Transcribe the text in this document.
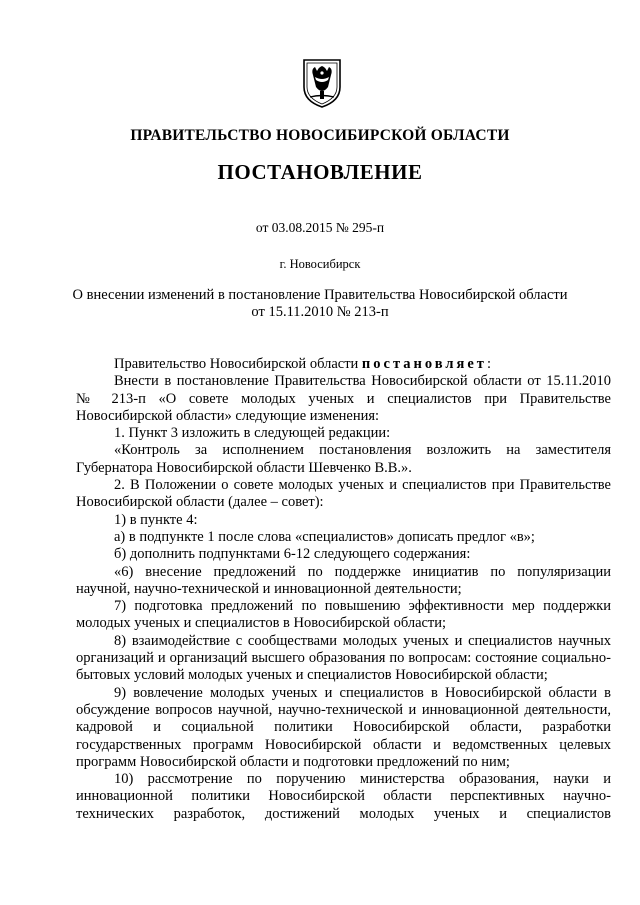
ПРАВИТЕЛЬСТВО НОВОСИБИРСКОЙ ОБЛАСТИ
ПОСТАНОВЛЕНИЕ
от 03.08.2015 № 295-п
г. Новосибирск
О внесении изменений в постановление Правительства Новосибирской области
от 15.11.2010 № 213-п

Правительство Новосибирской области постановляет:

Внести в постановление Правительства Новосибирской области от 15.11.2010 № 213-п «О совете молодых ученых и специалистов при Правительстве Новосибирской области» следующие изменения:

1. Пункт 3 изложить в следующей редакции:

«Контроль за исполнением постановления возложить на заместителя Губернатора Новосибирской области Шевченко В.В.».

2. В Положении о совете молодых ученых и специалистов при Правительстве Новосибирской области (далее – совет):

1) в пункте 4:

а) в подпункте 1 после слова «специалистов» дописать предлог «в»;

б) дополнить подпунктами 6-12 следующего содержания:

«6) внесение предложений по поддержке инициатив по популяризации научной, научно-технической и инновационной деятельности;

7) подготовка предложений по повышению эффективности мер поддержки молодых ученых и специалистов в Новосибирской области;

8) взаимодействие с сообществами молодых ученых и специалистов научных организаций и организаций высшего образования по вопросам: состояние социально-бытовых условий молодых ученых и специалистов Новосибирской области;

9) вовлечение молодых ученых и специалистов в Новосибирской области в обсуждение вопросов научной, научно-технической и инновационной деятельности, кадровой и социальной политики Новосибирской области, разработки государственных программ Новосибирской области и ведомственных целевых программ Новосибирской области и подготовки предложений по ним;

10) рассмотрение по поручению министерства образования, науки и инновационной политики Новосибирской области перспективных научно-технических разработок, достижений молодых ученых и специалистов
